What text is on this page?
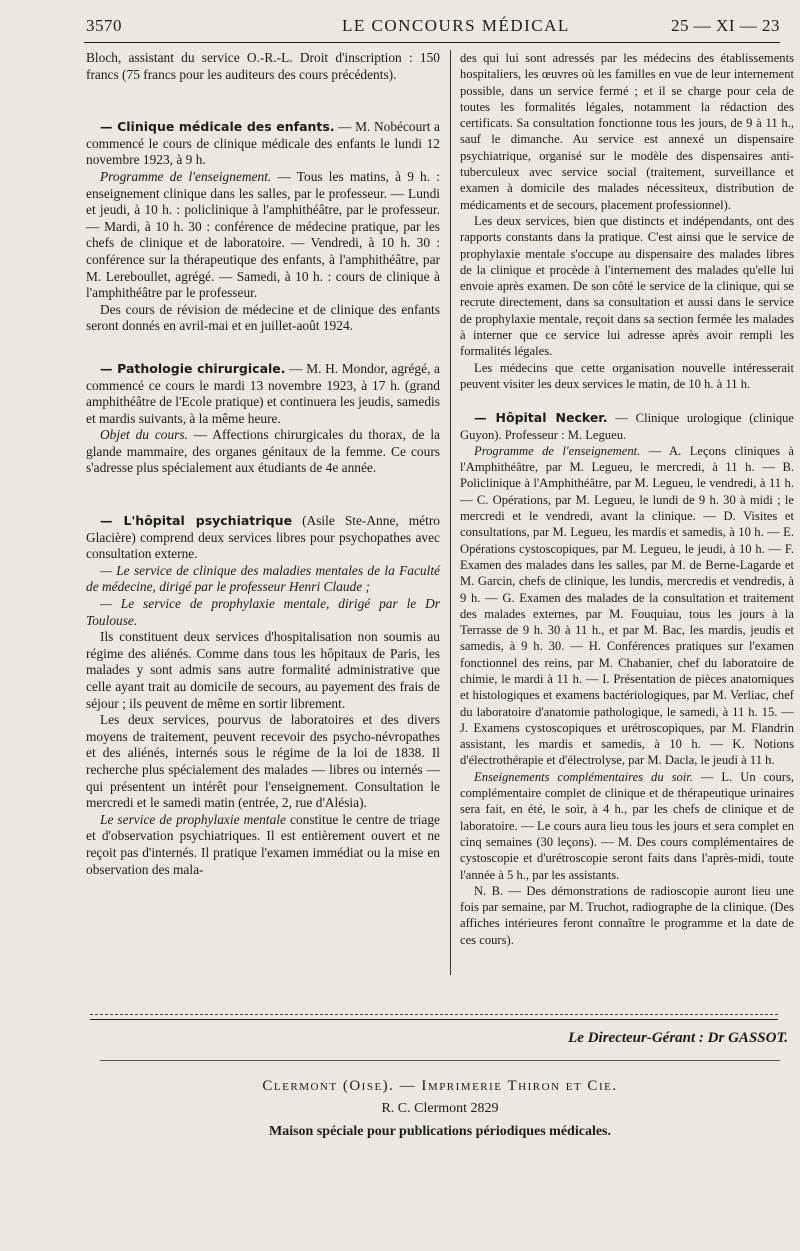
3570	LE CONCOURS MÉDICAL	25 — XI — 23

Bloch, assistant du service O.-R.-L. Droit d'inscription : 150 francs (75 francs pour les auditeurs des cours précédents).

— Clinique médicale des enfants. — M. Nobécourt a commencé le cours de clinique médicale des enfants le lundi 12 novembre 1923, à 9 h.

Programme de l'enseignement. — Tous les matins, à 9 h. : enseignement clinique dans les salles, par le professeur. — Lundi et jeudi, à 10 h. : policlinique à l'amphithéâtre, par le professeur. — Mardi, à 10 h. 30 : conférence de médecine pratique, par les chefs de clinique et de laboratoire. — Vendredi, à 10 h. 30 : conférence sur la thérapeutique des enfants, à l'amphithéâtre, par M. Lereboullet, agrégé. — Samedi, à 10 h. : cours de clinique à l'amphithéâtre par le professeur.

Des cours de révision de médecine et de clinique des enfants seront donnés en avril-mai et en juillet-août 1924.

— Pathologie chirurgicale. — M. H. Mondor, agrégé, a commencé ce cours le mardi 13 novembre 1923, à 17 h. (grand amphithéâtre de l'Ecole pratique) et continuera les jeudis, samedis et mardis suivants, à la même heure.

Objet du cours. — Affections chirurgicales du thorax, de la glande mammaire, des organes génitaux de la femme. Ce cours s'adresse plus spécialement aux étudiants de 4e année.

— L'hôpital psychiatrique (Asile Ste-Anne, métro Glacière) comprend deux services libres pour psychopathes avec consultation externe.

— Le service de clinique des maladies mentales de la Faculté de médecine, dirigé par le professeur Henri Claude ;

— Le service de prophylaxie mentale, dirigé par le Dr Toulouse.

Ils constituent deux services d'hospitalisation non soumis au régime des aliénés. Comme dans tous les hôpitaux de Paris, les malades y sont admis sans autre formalité administrative que celle ayant trait au domicile de secours, au payement des frais de séjour ; ils peuvent de même en sortir librement.

Les deux services, pourvus de laboratoires et des divers moyens de traitement, peuvent recevoir des psycho-névropathes et des aliénés, internés sous le régime de la loi de 1838. Il recherche plus spécialement des malades — libres ou internés — qui présentent un intérêt pour l'enseignement. Consultation le mercredi et le samedi matin (entrée, 2, rue d'Alésia).

Le service de prophylaxie mentale constitue le centre de triage et d'observation psychiatriques. Il est entièrement ouvert et ne reçoit pas d'internés. Il pratique l'examen immédiat ou la mise en observation des mala-

des qui lui sont adressés par les médecins des établissements hospitaliers, les œuvres où les familles en vue de leur internement possible, dans un service fermé ; et il se charge pour cela de toutes les formalités légales, notamment la rédaction des certificats. Sa consultation fonctionne tous les jours, de 9 à 11 h., sauf le dimanche. Au service est annexé un dispensaire psychiatrique, organisé sur le modèle des dispensaires anti-tuberculeux avec service social (traitement, surveillance et examen à domicile des malades nécessiteux, distribution de médicaments et de secours, placement professionnel).

Les deux services, bien que distincts et indépendants, ont des rapports constants dans la pratique. C'est ainsi que le service de prophylaxie mentale s'occupe au dispensaire des malades libres de la clinique et procède à l'internement des malades qu'elle lui envoie après examen. De son côté le service de la clinique, qui se recrute directement, dans sa consultation et aussi dans le service de prophylaxie mentale, reçoit dans sa section fermée les malades à interner que ce service lui adresse après avoir rempli les formalités légales.

Les médecins que cette organisation nouvelle intéresserait peuvent visiter les deux services le matin, de 10 h. à 11 h.

— Hôpital Necker. — Clinique urologique (clinique Guyon). Professeur : M. Legueu.

Programme de l'enseignement. — A. Leçons cliniques à l'Amphithéâtre, par M. Legueu, le mercredi, à 11 h. — B. Policlinique à l'Amphithéâtre, par M. Legueu, le vendredi, à 11 h. — C. Opérations, par M. Legueu, le lundi de 9 h. 30 à midi ; le mercredi et le vendredi, avant la clinique. — D. Visites et consultations, par M. Legueu, les mardis et samedis, à 10 h. — E. Opérations cystoscopiques, par M. Legueu, le jeudi, à 10 h. — F. Examen des malades dans les salles, par M. de Berne-Lagarde et M. Garcin, chefs de clinique, les lundis, mercredis et vendredis, à 9 h. — G. Examen des malades de la consultation et traitement des malades externes, par M. Fouquiau, tous les jours à la Terrasse de 9 h. 30 à 11 h., et par M. Bac, les mardis, jeudis et samedis, à 9 h. 30. — H. Conférences pratiques sur l'examen fonctionnel des reins, par M. Chabanier, chef du laboratoire de chimie, le mardi à 11 h. — I. Présentation de pièces anatomiques et histologiques et examens bactériologiques, par M. Verliac, chef du laboratoire d'anatomie pathologique, le samedi, à 11 h. 15. — J. Examens cystoscopiques et urétroscopiques, par M. Flandrin assistant, les mardis et samedis, à 10 h. — K. Notions d'électrothérapie et d'électrolyse, par M. Dacla, le jeudi à 11 h.

Enseignements complémentaires du soir. — L. Un cours, complémentaire complet de clinique et de thérapeutique urinaires sera fait, en été, le soir, à 4 h., par les chefs de clinique et de laboratoire. — Le cours aura lieu tous les jours et sera complet en cinq semaines (30 leçons). — M. Des cours complémentaires de cystoscopie et d'urétroscopie seront faits dans l'après-midi, toute l'année à 5 h., par les assistants.

N. B. — Des démonstrations de radioscopie auront lieu une fois par semaine, par M. Truchot, radiographe de la clinique. (Des affiches intérieures feront connaître le programme et la date de ces cours).

Le Directeur-Gérant : Dr GASSOT.
Clermont (Oise). — Imprimerie Thiron et Cie.
R. C. Clermont 2829
Maison spéciale pour publications périodiques médicales.
